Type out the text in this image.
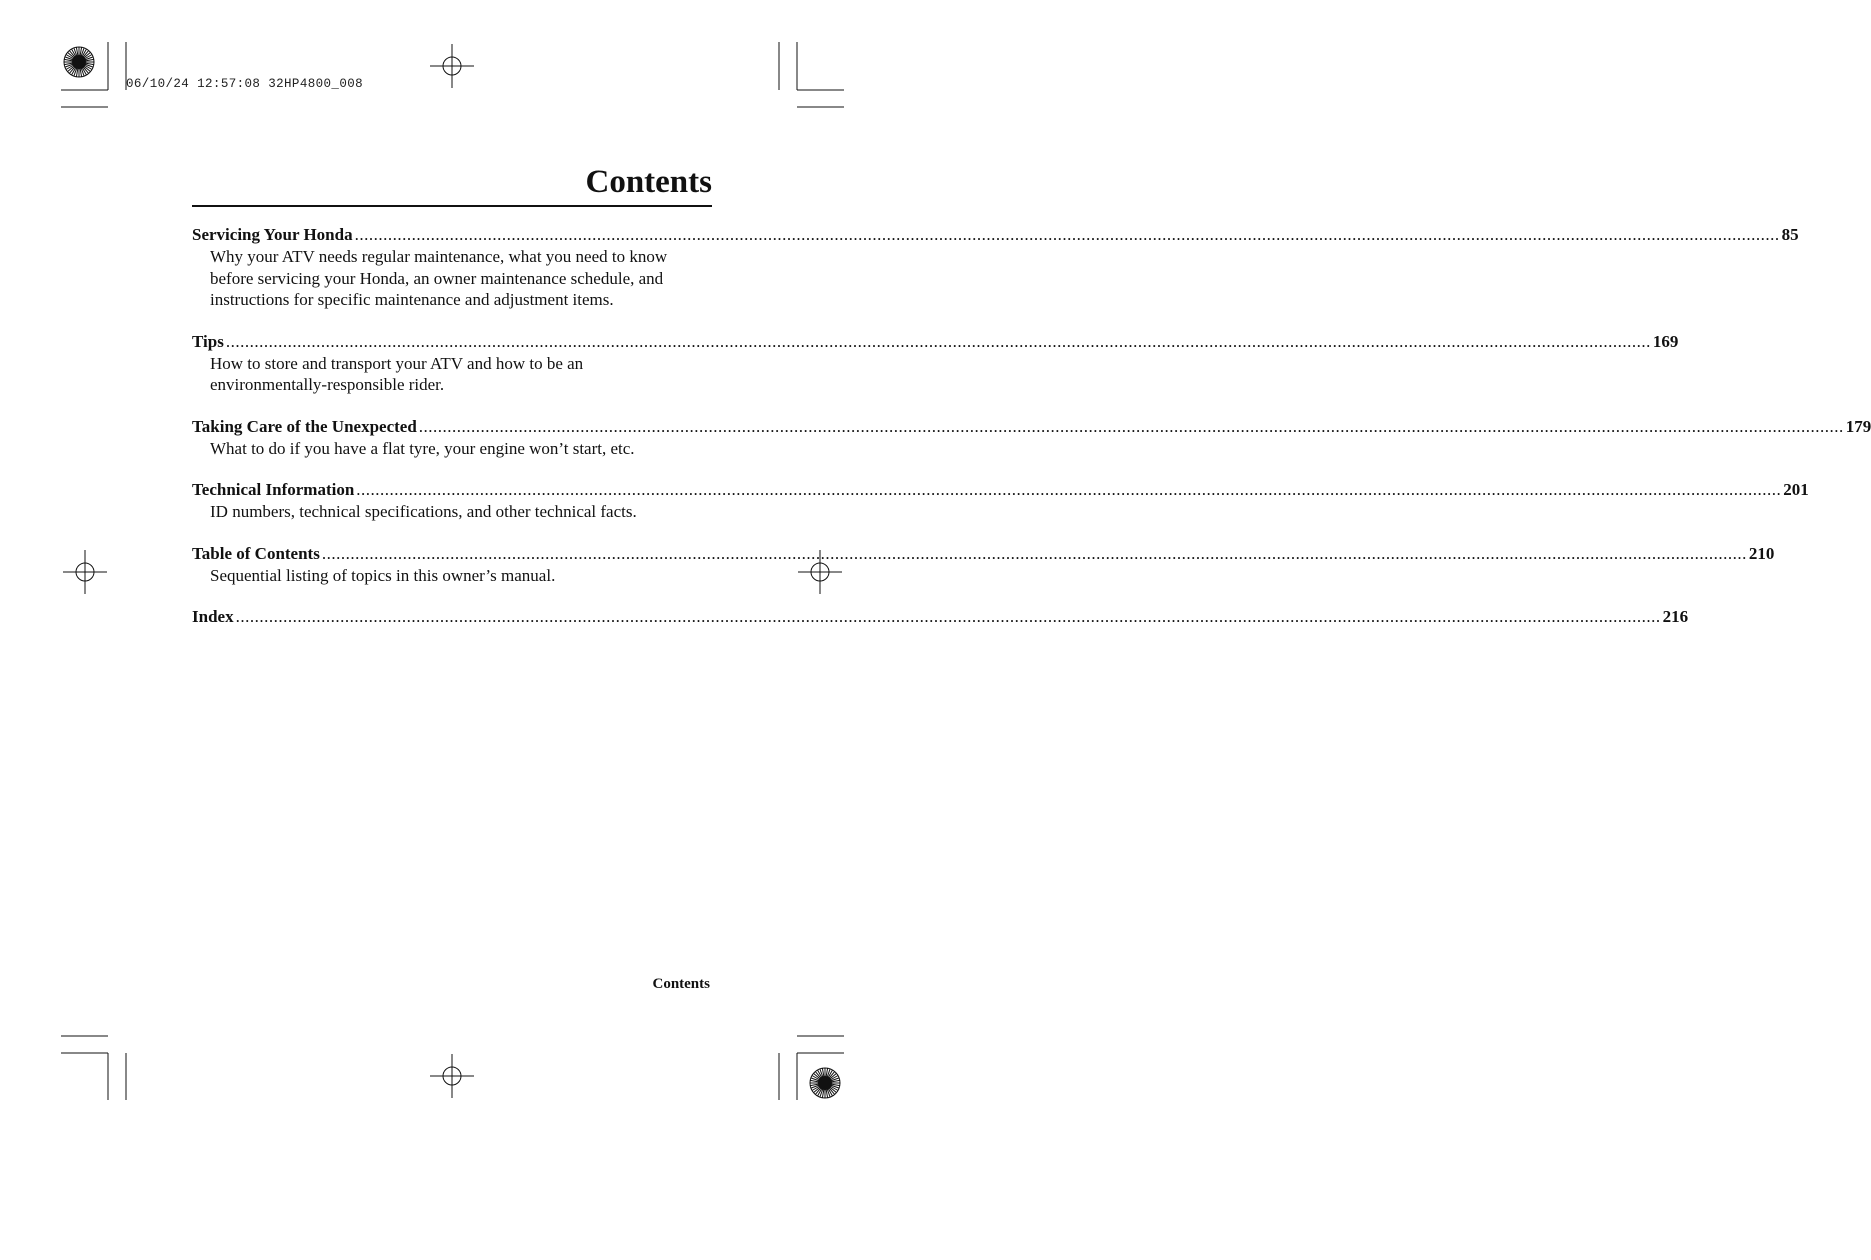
06/10/24 12:57:08 32HP4800_008
Contents
Servicing Your Honda ............................................................................................................................................................................................................................................................................................................ 85
Why your ATV needs regular maintenance, what you need to know
before servicing your Honda, an owner maintenance schedule, and
instructions for specific maintenance and adjustment items.
Tips ............................................................................................................................................................................................................................................................................................................ 169
How to store and transport your ATV and how to be an
environmentally-responsible rider.
Taking Care of the Unexpected ............................................................................................................................................................................................................................................................................................................ 179
What to do if you have a flat tyre, your engine won’t start, etc.
Technical Information ............................................................................................................................................................................................................................................................................................................ 201
ID numbers, technical specifications, and other technical facts.
Table of Contents ............................................................................................................................................................................................................................................................................................................ 210
Sequential listing of topics in this owner’s manual.
Index ............................................................................................................................................................................................................................................................................................................ 216
Contents
